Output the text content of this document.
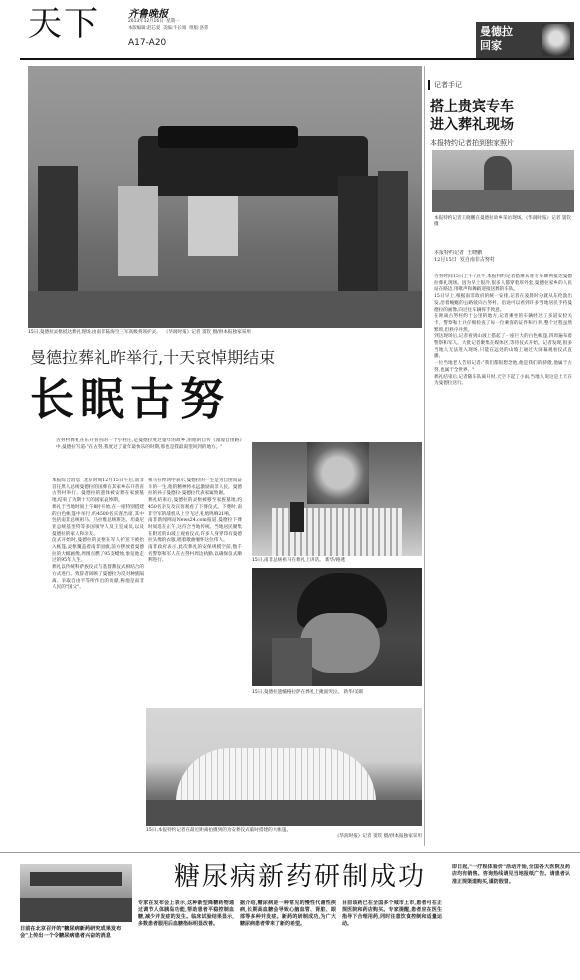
天下	齐鲁晚报
2013年12月16日 星期一
本版编辑:赵芯爱 美编:牛长娟 组版:洛菁
A17-A20
曼德拉
回家
15日,曼德拉灵柩抵达葬礼现场,由南非陆海空三军高级将领护灵。 《华润时报》记者 窦钦 摄/供本报独家采用
曼德拉葬礼昨举行,十天哀悼期结束
长眠古努
古努村葬礼在东开普省的一个小村庄,是曼德拉度过童年的故乡,由他的自传《漫漫自由路》中,曼德拉写道:"在古努,我度过了童年最快乐的时期,那也是我最渴望回到的地方。"
本报综合消息  北京时间12月15日午后,南非首任黑人总统曼德拉的国葬在其家乡东开普省古努村举行。曼德拉的遗体被安葬在家族墓地,结束了为期十天的国家哀悼期。
葬礼于当地时间上午8时开始,在一座特别搭建的白色帐篷中举行,约4500名宾客出席,其中包括南非总统祖马、马拉维总统班达、坦桑尼亚总统基奎特等多国领导人及王室成员,以及曼德拉的家人和亲友。
仪式开始时,曼德拉的灵柩在军人护送下被抬入帐篷,灵柩覆盖着南非国旗,前方摆放着曼德拉的大幅画像,周围点燃了95支蜡烛,象征他走过的95年人生。
葬礼以传统科萨族仪式与基督教仪式相结合的方式进行。致辞者回顾了曼德拉为反对种族隔离、争取自由平等所作出的贡献,称他是南非人民的"国父"。
祖马在悼词中表示,曼德拉的一生是为自由而奋斗的一生,他的精神将永远激励南非人民。曼德拉的孙子曼德拉·曼德拉代表家属致谢。
葬礼结束后,曼德拉的灵柩被移至家族墓地,约450名亲友及宾客观看了下葬仪式。下葬时,南非空军的战机从上空飞过,礼炮鸣响21响。
南非新闻网站News24.com报道,曼德拉下葬时间选在正午,这符合当地传统。当地居民聚集在附近的山坡上观看仪式,许多人身穿印有曼德拉头像的衣服,唱着歌曲缅怀这位伟人。
南非政府表示,此次葬礼的安保规模空前,数千名警察和军人在古努村周边执勤,以确保仪式顺利进行。	15日,南非总统祖马在葬礼上讲话。 新华/路透
15日,曼德拉遗孀格拉萨在葬礼上掩面哭泣。 新华/美联
15日,本报特约记者在最近距离拍摄到的为安葬仪式临时搭建的大帐篷。
《华润时报》记者 窦钦 摄/供本报独家采用
记者手记
搭上贵宾专车
进入葬礼现场
本报特约记者拍到独家照片
本报特约记者王晓鹏在曼德拉故乡采访现场。《华润时报》记者 窦钦 摄
本报特约记者  王晓鹏
12月15日  发自南非古努村
古努时间15日上午7点半,本报特约记者搭乘宾客专车顺利抵达曼德拉葬礼现场。因为早上很冷,很多人都穿着厚外套,曼德拉家乡的人民站在路边,用歌声和舞蹈迎接送葬的车队。
15日早上,根据南非政府的统一安排,记者在凌晨时分就从东伦敦出发,沿着蜿蜒的公路驶向古努村。沿途可以看到许多当地居民手持曼德拉的画像,向过往车辆挥手致意。
在距离古努村约十公里的地方,记者乘坐的车辆经过了多道安检关卡。警察和士兵仔细检查了每一位乘客的证件和行李,整个过程虽然繁琐,但秩序井然。
到达现场后,记者看到山坡上搭起了一座巨大的白色帐篷,四周遍布着警察和军人。大批记者聚集在媒体区,等待仪式开始。记者发现,很多当地人无法进入现场,只能在远处的山坡上通过大屏幕观看仪式直播。
一位当地老人告诉记者:"我们都很想念他,他是我们的骄傲,他属于古努,也属于全世界。"
葬礼结束后,记者随车队离开时,天空下起了小雨,当地人说这是上天在为曼德拉送行。
日前在北京召开的"糖尿病新药研究成果发布会"上传出一个令糖尿病患者兴奋的消息
糖尿病新药研制成功
专家在发布会上表示,这种新型降糖药物通过调节人体胰岛功能,帮助患者平稳控制血糖,减少并发症的发生。临床试验结果显示,多数患者服用后血糖指标明显改善。
据介绍,糖尿病是一种常见的慢性代谢性疾病,长期高血糖会导致心脑血管、肾脏、眼部等多种并发症。新药的研制成功,为广大糖尿病患者带来了新的希望。
目前该药已在全国多个城市上市,患者可在正规医院和药店购买。专家提醒,患者应在医生指导下合理用药,同时注意饮食控制和适量运动。
即日起,"一疗程体验价"活动开始,全国各大医院及药店均有销售。咨询热线请见当地报纸广告。请患者认准正规渠道购买,谨防假冒。
